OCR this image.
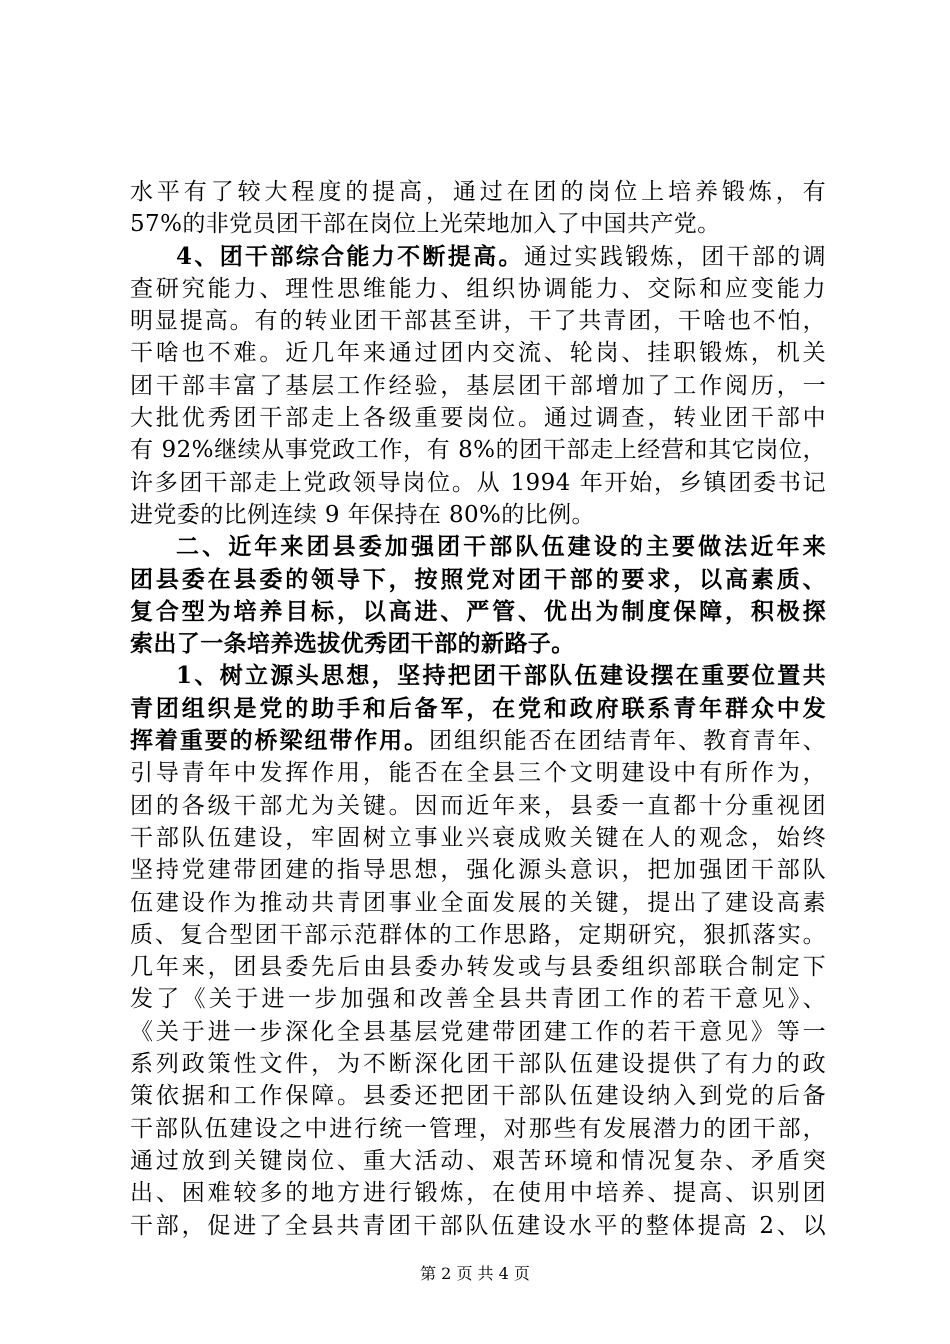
水平有了较大程度的提高，通过在团的岗位上培养锻炼，有
57%的非党员团干部在岗位上光荣地加入了中国共产党。
4、团干部综合能力不断提高。通过实践锻炼，团干部的调
查研究能力、理性思维能力、组织协调能力、交际和应变能力
明显提高。有的转业团干部甚至讲，干了共青团，干啥也不怕，
干啥也不难。近几年来通过团内交流、轮岗、挂职锻炼，机关
团干部丰富了基层工作经验，基层团干部增加了工作阅历，一
大批优秀团干部走上各级重要岗位。通过调查，转业团干部中
有 92%继续从事党政工作，有 8%的团干部走上经营和其它岗位，
许多团干部走上党政领导岗位。从 1994 年开始，乡镇团委书记
进党委的比例连续 9 年保持在 80%的比例。
二、近年来团县委加强团干部队伍建设的主要做法近年来
团县委在县委的领导下，按照党对团干部的要求，以高素质、
复合型为培养目标，以高进、严管、优出为制度保障，积极探
索出了一条培养选拔优秀团干部的新路子。
1、树立源头思想，坚持把团干部队伍建设摆在重要位置共
青团组织是党的助手和后备军，在党和政府联系青年群众中发
挥着重要的桥梁纽带作用。团组织能否在团结青年、教育青年、
引导青年中发挥作用，能否在全县三个文明建设中有所作为，
团的各级干部尤为关键。因而近年来，县委一直都十分重视团
干部队伍建设，牢固树立事业兴衰成败关键在人的观念，始终
坚持党建带团建的指导思想，强化源头意识，把加强团干部队
伍建设作为推动共青团事业全面发展的关键，提出了建设高素
质、复合型团干部示范群体的工作思路，定期研究，狠抓落实。
几年来，团县委先后由县委办转发或与县委组织部联合制定下
发了《关于进一步加强和改善全县共青团工作的若干意见》、
《关于进一步深化全县基层党建带团建工作的若干意见》等一
系列政策性文件，为不断深化团干部队伍建设提供了有力的政
策依据和工作保障。县委还把团干部队伍建设纳入到党的后备
干部队伍建设之中进行统一管理，对那些有发展潜力的团干部，
通过放到关键岗位、重大活动、艰苦环境和情况复杂、矛盾突
出、困难较多的地方进行锻炼，在使用中培养、提高、识别团
干部，促进了全县共青团干部队伍建设水平的整体提高 2、以
第 2 页 共 4 页
